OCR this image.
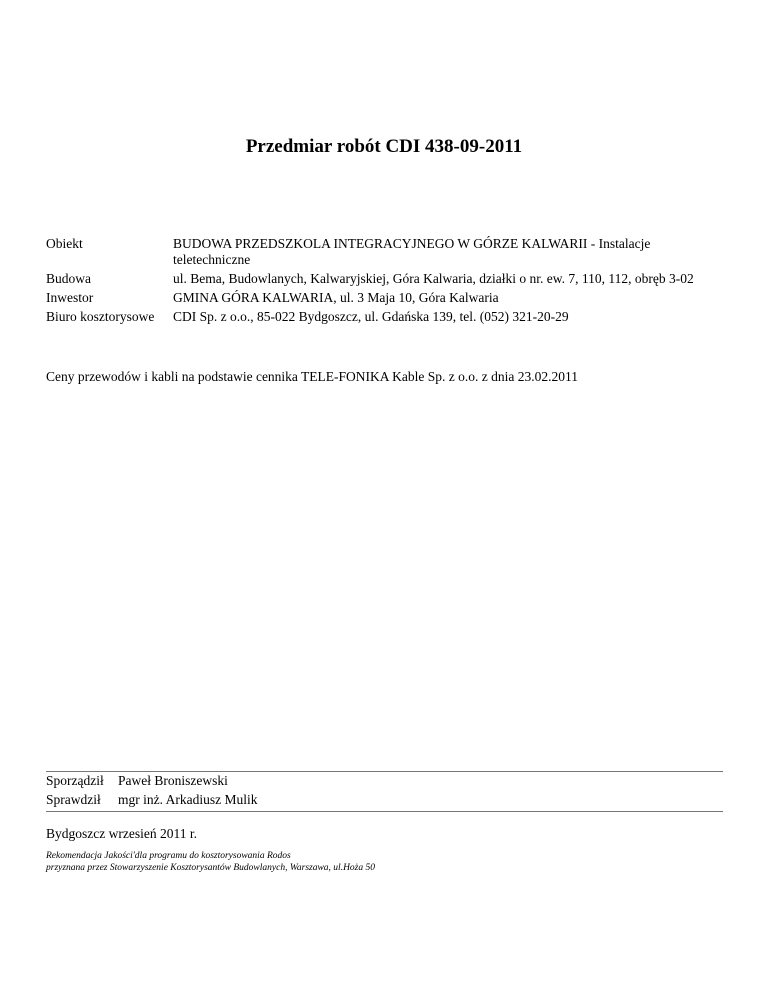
Przedmiar robót CDI 438-09-2011
Obiekt	BUDOWA PRZEDSZKOLA INTEGRACYJNEGO W GÓRZE KALWARII - Instalacje teletechniczne
Budowa	ul. Bema, Budowlanych, Kalwaryjskiej, Góra Kalwaria, działki o nr. ew. 7, 110, 112, obręb 3-02
Inwestor	GMINA GÓRA KALWARIA, ul. 3 Maja 10, Góra Kalwaria
Biuro kosztorysowe	CDI Sp. z o.o., 85-022 Bydgoszcz, ul. Gdańska 139, tel. (052) 321-20-29
Ceny przewodów i kabli na podstawie cennika TELE-FONIKA Kable Sp. z o.o. z dnia 23.02.2011
Sporządził Paweł Broniszewski
Sprawdził mgr inż. Arkadiusz Mulik
Bydgoszcz wrzesień 2011 r.
Rekomendacja Jakości'dla programu do kosztorysowania Rodos
przyznana przez Stowarzyszenie Kosztorysantów Budowlanych, Warszawa, ul.Hoża 50
